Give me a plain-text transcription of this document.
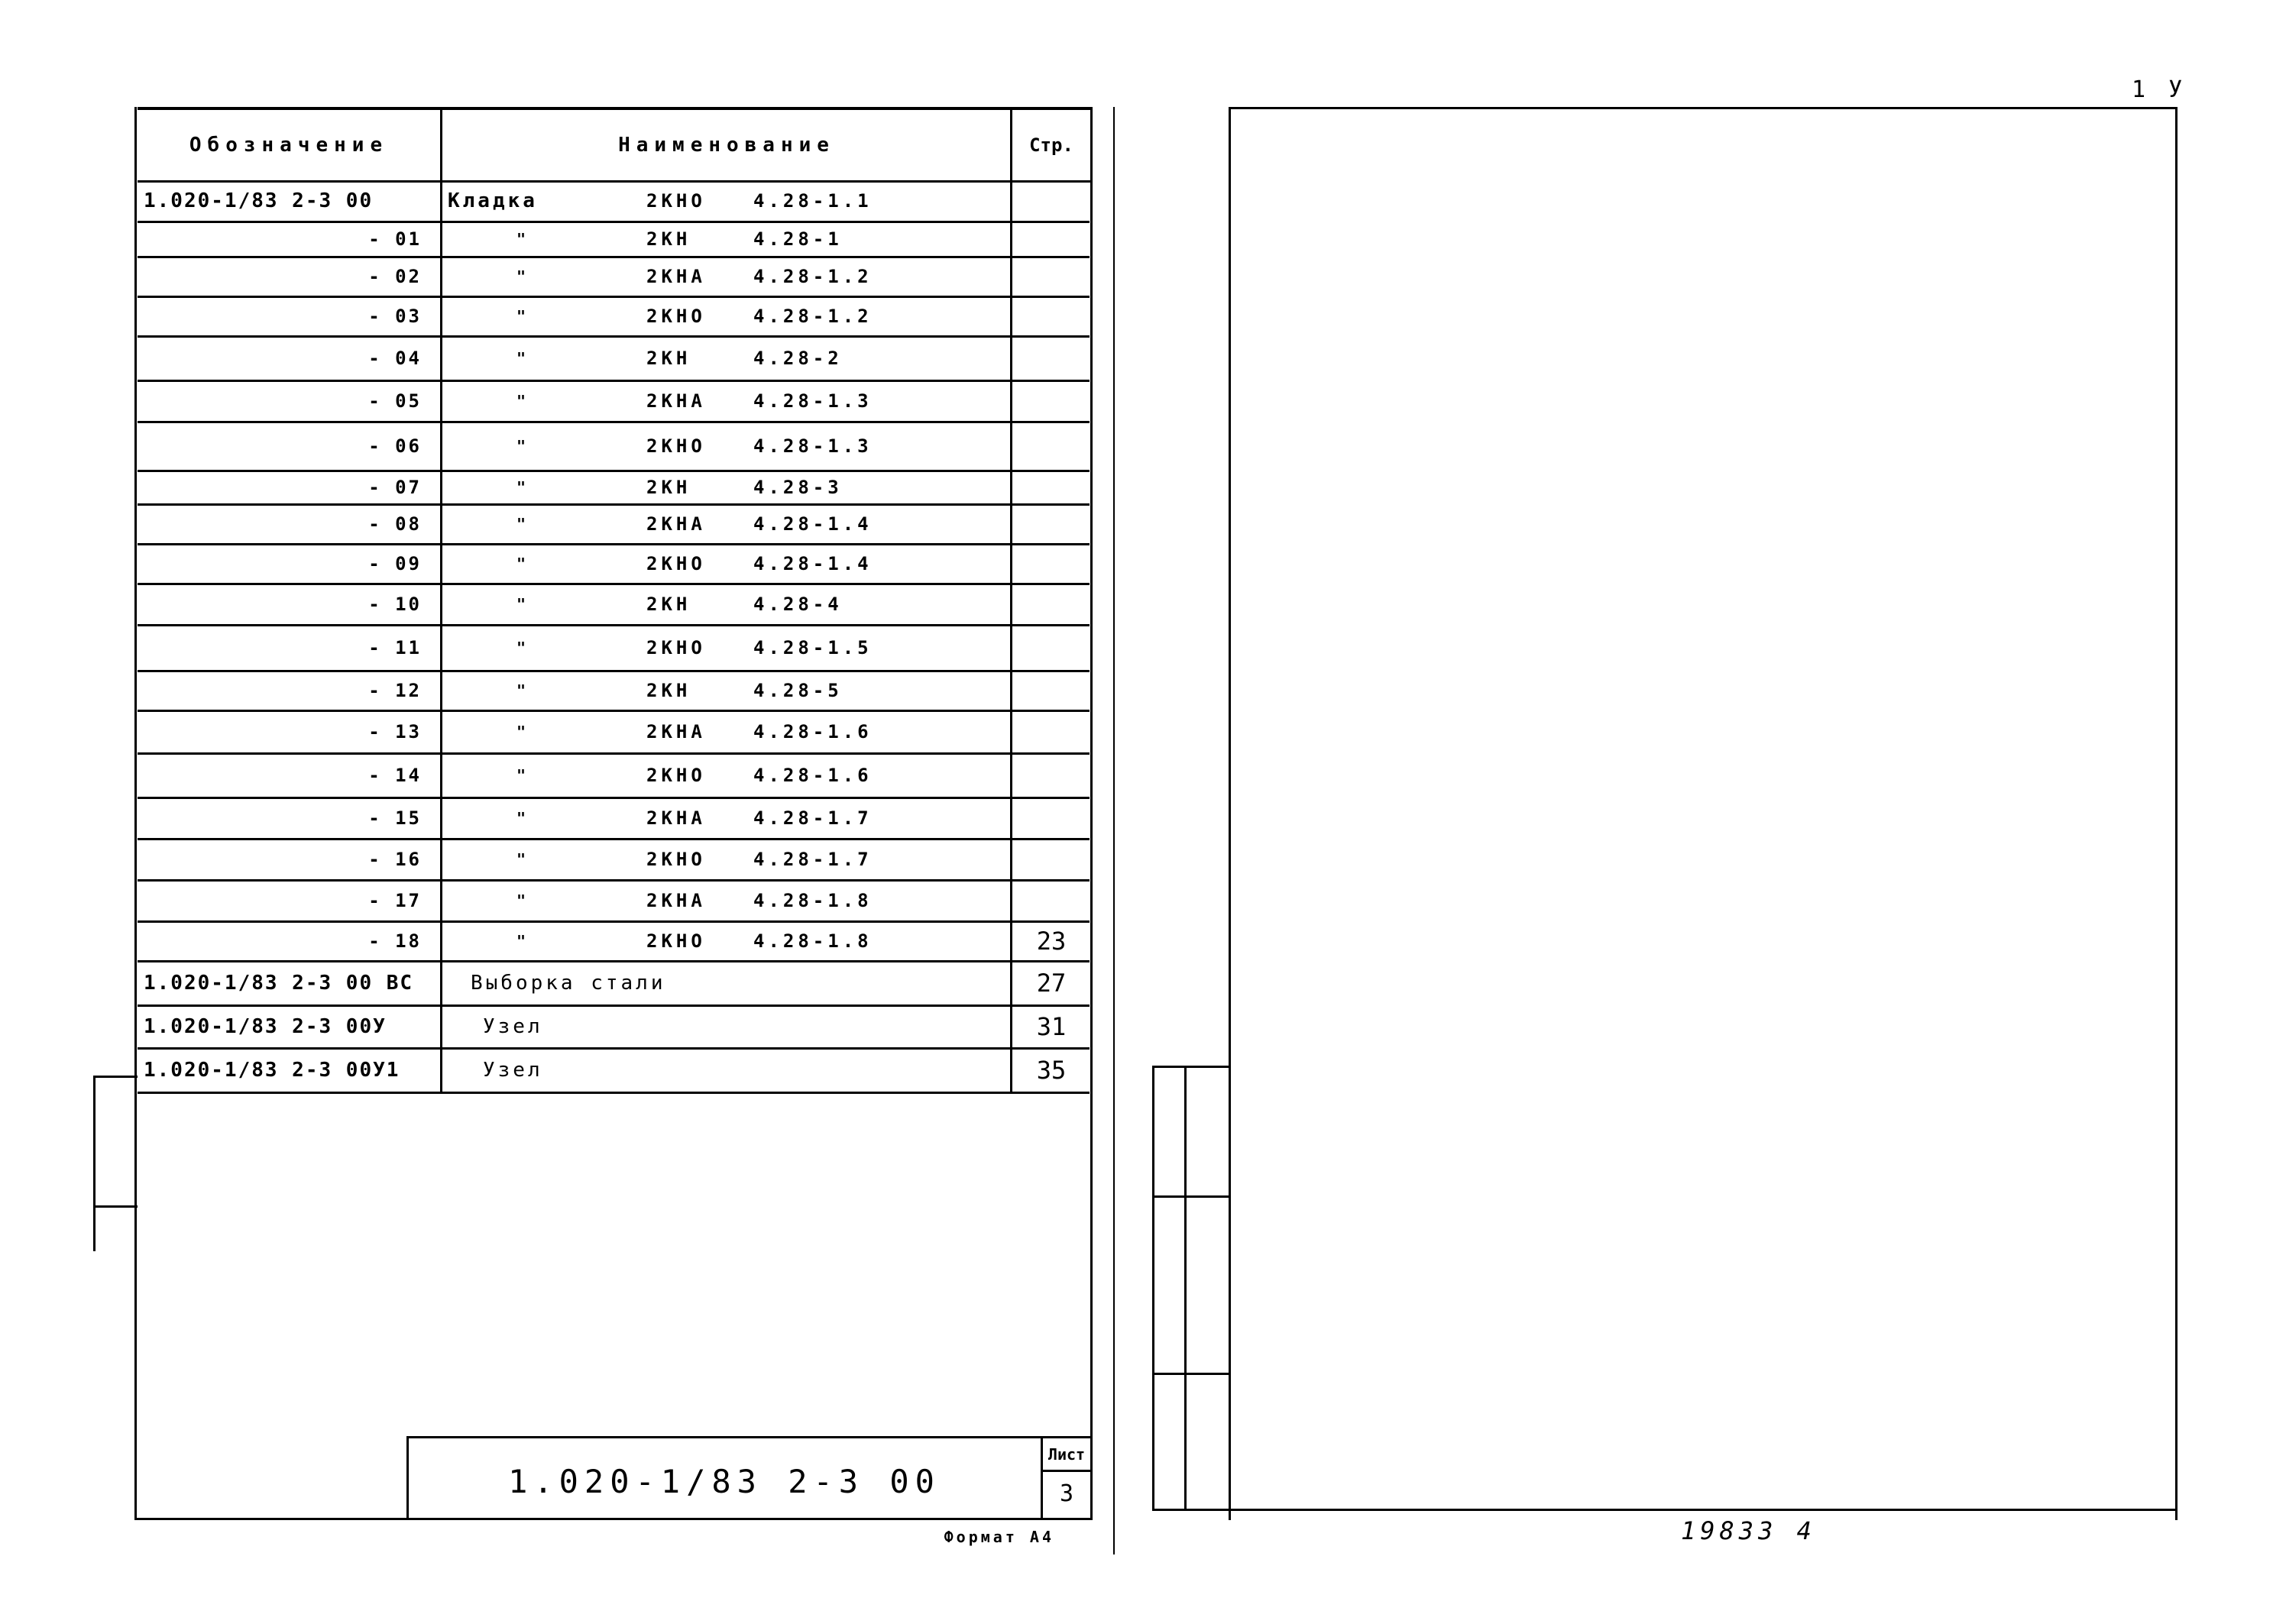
Обозначение	Наименование	Стр.
1.020-1/83 2-3 00	Кладка	2КНО	4.28-1.1
- 01	"	2КН	4.28-1
- 02	"	2КНА	4.28-1.2
- 03	"	2КНО	4.28-1.2
- 04	"	2КН	4.28-2
- 05	"	2КНА	4.28-1.3
- 06	"	2КНО	4.28-1.3
- 07	"	2КН	4.28-3
- 08	"	2КНА	4.28-1.4
- 09	"	2КНО	4.28-1.4
- 10	"	2КН	4.28-4
- 11	"	2КНО	4.28-1.5
- 12	"	2КН	4.28-5
- 13	"	2КНА	4.28-1.6
- 14	"	2КНО	4.28-1.6
- 15	"	2КНА	4.28-1.7
- 16	"	2КНО	4.28-1.7
- 17	"	2КНА	4.28-1.8
- 18	"	2КНО	4.28-1.8	23
1.020-1/83 2-3 00 ВС	Выборка стали	27
1.020-1/83 2-3 00У	Узел	31
1.020-1/83 2-3 00У1	Узел	35
1.020-1/83 2-3 00
Лист
3
Формат А4
1 У
19833 4
